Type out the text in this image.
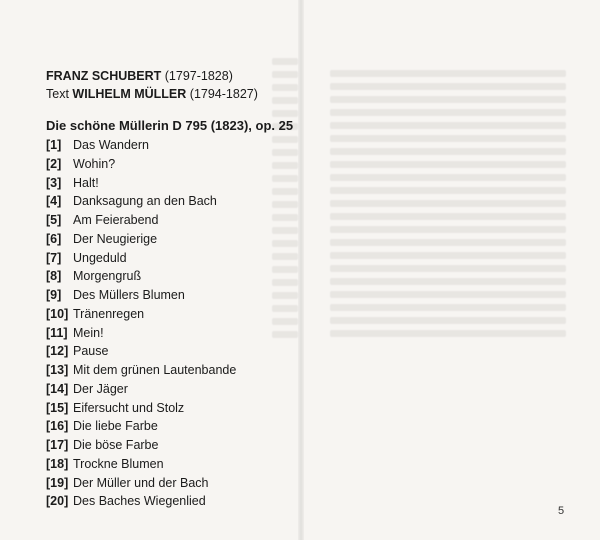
FRANZ SCHUBERT (1797-1828)
Text WILHELM MÜLLER (1794-1827)
Die schöne Müllerin D 795 (1823), op. 25
[1] Das Wandern
[2] Wohin?
[3] Halt!
[4] Danksagung an den Bach
[5] Am Feierabend
[6] Der Neugierige
[7] Ungeduld
[8] Morgengruß
[9] Des Müllers Blumen
[10] Tränenregen
[11] Mein!
[12] Pause
[13] Mit dem grünen Lautenbande
[14] Der Jäger
[15] Eifersucht und Stolz
[16] Die liebe Farbe
[17] Die böse Farbe
[18] Trockne Blumen
[19] Der Müller und der Bach
[20] Des Baches Wiegenlied
5
